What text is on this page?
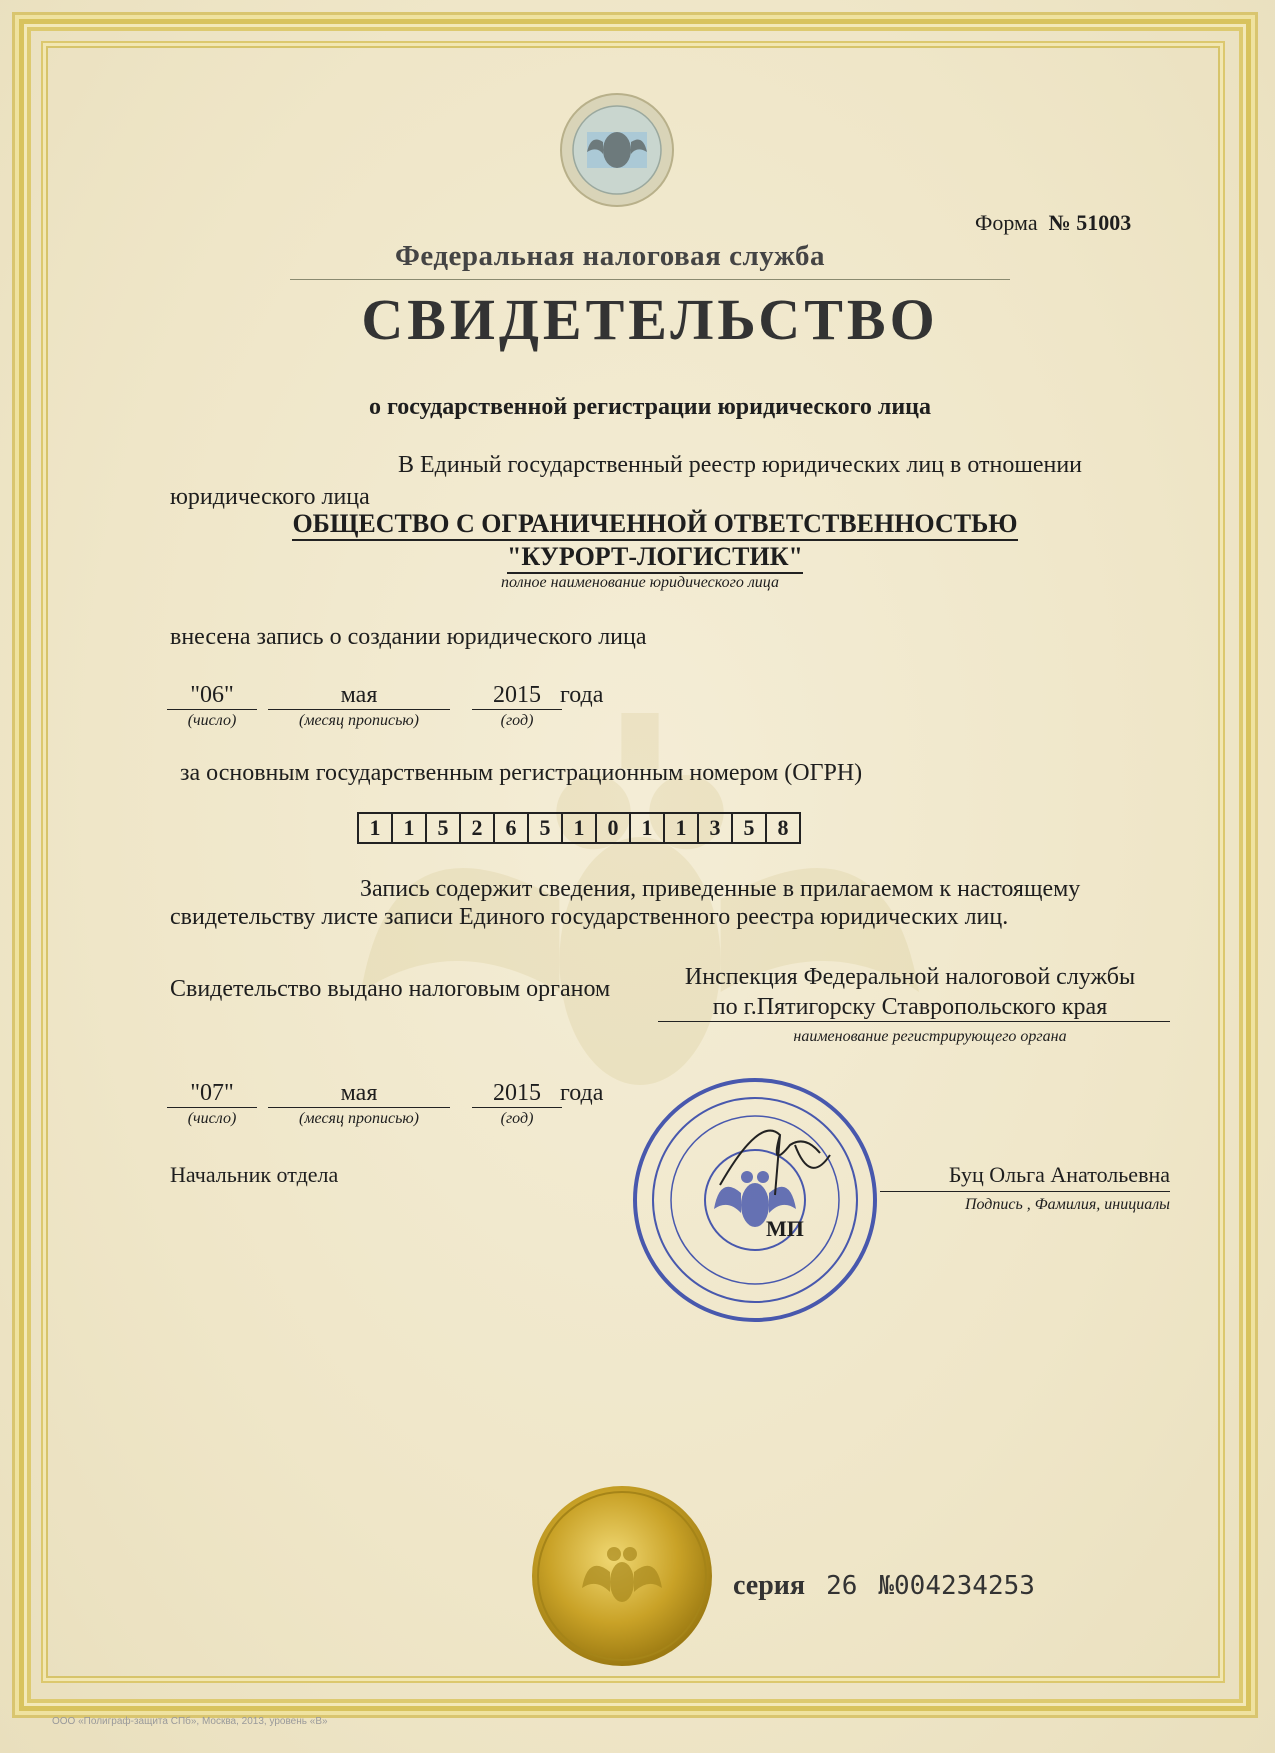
Форма № 51003
Федеральная налоговая служба
СВИДЕТЕЛЬСТВО
о государственной регистрации юридического лица
В Единый государственный реестр юридических лиц в отношении
юридического лица
ОБЩЕСТВО С ОГРАНИЧЕННОЙ ОТВЕТСТВЕННОСТЬЮ
"КУРОРТ-ЛОГИСТИК"
полное наименование юридического лица
внесена запись о создании юридического лица
"06"
(число)
мая
(месяц прописью)
2015
(год)
года
за основным государственным регистрационным номером (ОГРН)
1	1	5	2	6	5	1	0	1	1	3	5	8
Запись содержит сведения, приведенные в прилагаемом к настоящему
свидетельству листе записи Единого государственного реестра юридических лиц.
Свидетельство выдано налоговым органом	Инспекция Федеральной налоговой службы
по г.Пятигорску Ставропольского края
наименование регистрирующего органа
"07"
(число)
мая
(месяц прописью)
2015
(год)
года
Начальник отдела	Буц Ольга Анатольевна
Подпись , Фамилия, инициалы
МП
серия 26 №004234253
ООО «Полиграф-защита СПб», Москва, 2013, уровень «В»
